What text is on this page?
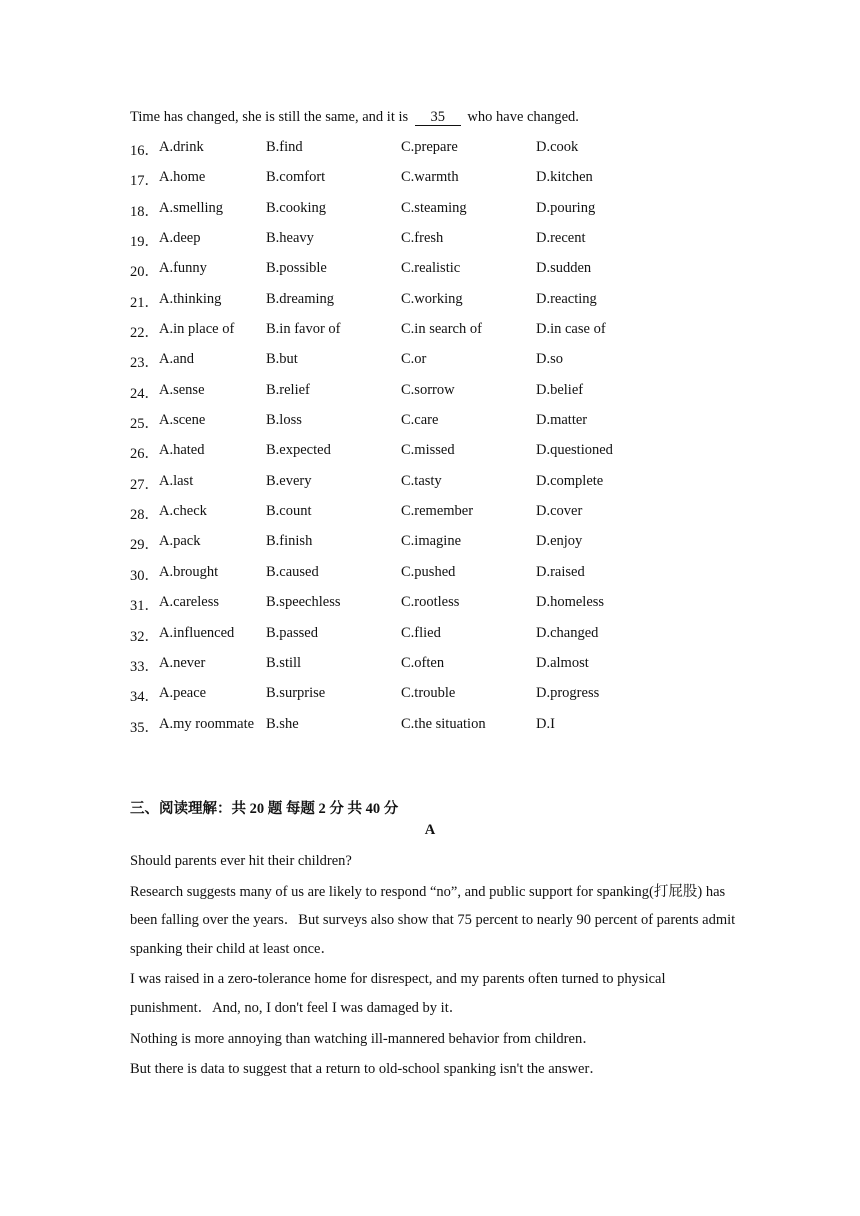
Time has changed, she is still the same, and it is 35 who have changed.
16． A.drink	B.find	C.prepare	D.cook
17． A.home	B.comfort	C.warmth	D.kitchen
18． A.smelling	B.cooking	C.steaming	D.pouring
19． A.deep	B.heavy	C.fresh	D.recent
20． A.funny	B.possible	C.realistic	D.sudden
21． A.thinking	B.dreaming	C.working	D.reacting
22． A.in place of B.in favor of	C.in search of	D.in case of
23． A.and	B.but	C.or	D.so
24． A.sense	B.relief	C.sorrow	D.belief
25． A.scene	B.loss	C.care	D.matter
26． A.hated	B.expected	C.missed	D.questioned
27． A.last	B.every	C.tasty	D.complete
28． A.check	B.count	C.remember	D.cover
29． A.pack	B.finish	C.imagine	D.enjoy
30． A.brought	B.caused	C.pushed	D.raised
31． A.careless	B.speechless	C.rootless	D.homeless
32． A.influenced B.passed	C.flied	D.changed
33． A.never	B.still	C.often	D.almost
34． A.peace	B.surprise	C.trouble	D.progress
35． A.my roommate B.she	C.the situation	D.I
三、阅读理解：共 20 题 每题 2 分 共 40 分
A

Should parents ever hit their children?

Research suggests many of us are likely to respond “no”, and public support for spanking(打屁股) has been falling over the years．But surveys also show that 75 percent to nearly 90 percent of parents admit spanking their child at least once．

I was raised in a zero-tolerance home for disrespect, and my parents often turned to physical punishment．And, no, I don't feel I was damaged by it．

Nothing is more annoying than watching ill-mannered behavior from children．

But there is data to suggest that a return to old-school spanking isn't the answer．
